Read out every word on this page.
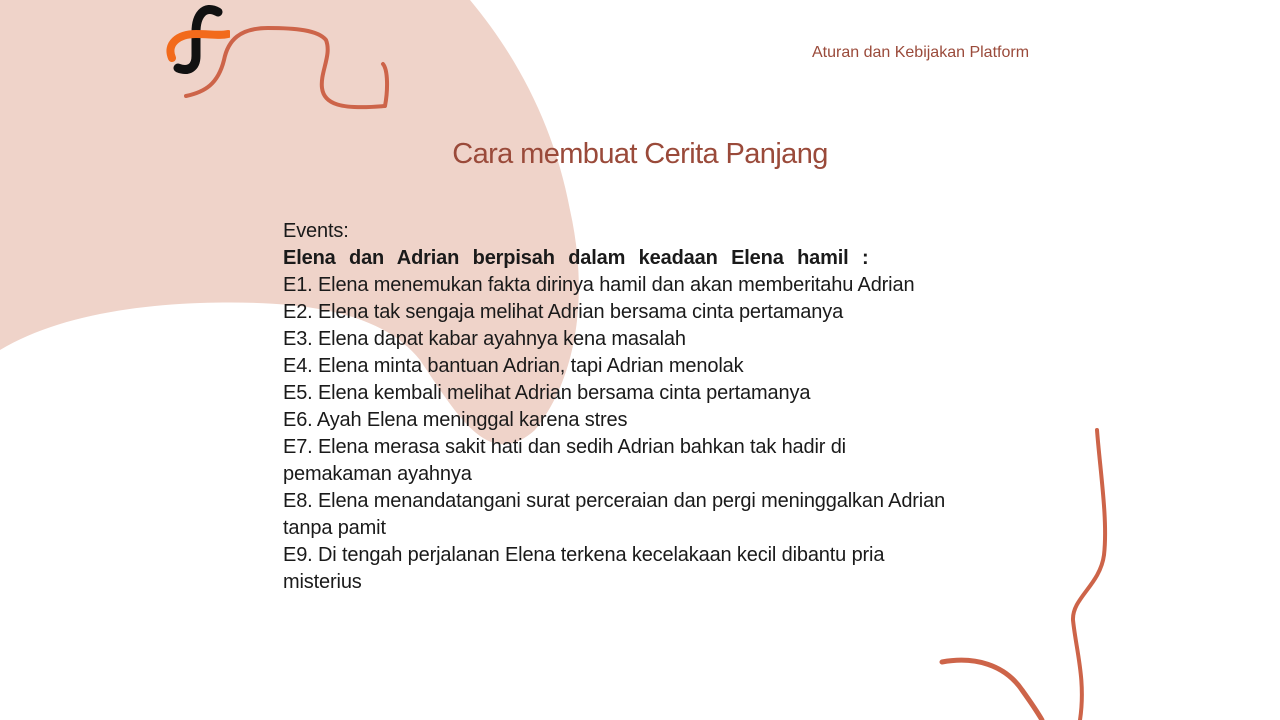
Aturan dan Kebijakan Platform
Cara membuat Cerita Panjang
Events:
Elena dan Adrian berpisah dalam keadaan Elena hamil :
E1. Elena menemukan fakta dirinya hamil dan akan memberitahu Adrian
E2. Elena tak sengaja melihat Adrian bersama cinta pertamanya
E3. Elena dapat kabar ayahnya kena masalah
E4. Elena minta bantuan Adrian, tapi Adrian menolak
E5. Elena kembali melihat Adrian bersama cinta pertamanya
E6. Ayah Elena meninggal karena stres
E7. Elena merasa sakit hati dan sedih Adrian bahkan tak hadir di pemakaman ayahnya
E8. Elena menandatangani surat perceraian dan pergi meninggalkan Adrian tanpa pamit
E9. Di tengah perjalanan Elena terkena kecelakaan kecil dibantu pria misterius
